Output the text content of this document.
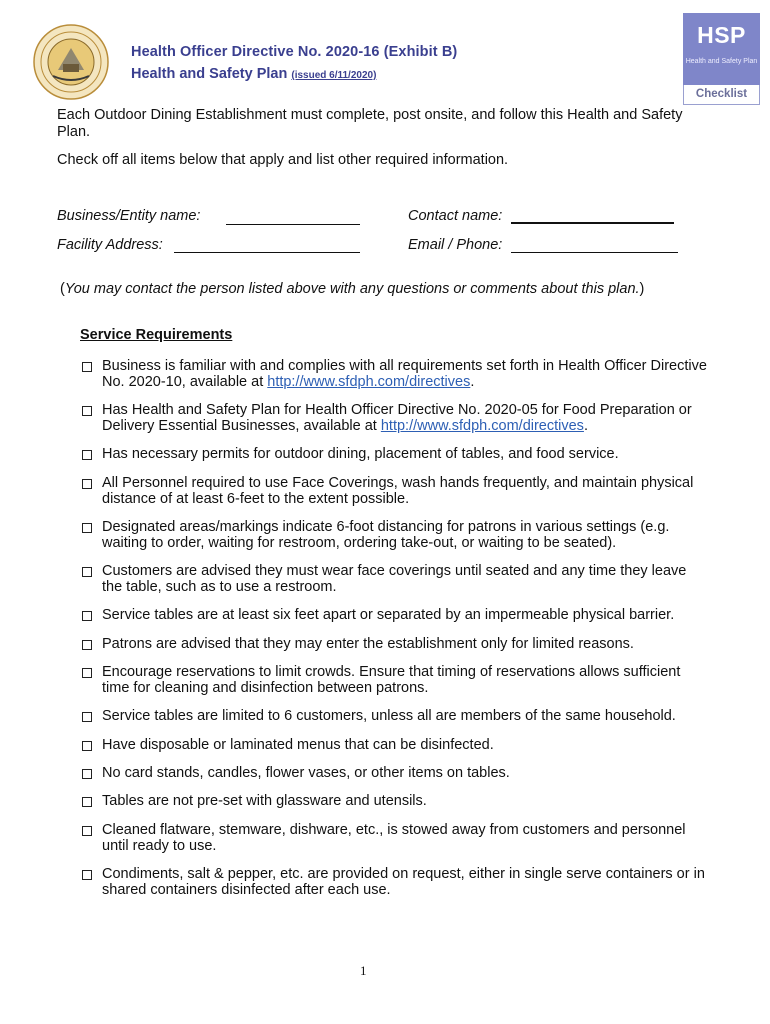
Health Officer Directive No. 2020-16 (Exhibit B)
Health and Safety Plan (issued 6/11/2020)
HSP
Health and Safety Plan
Checklist
Each Outdoor Dining Establishment must complete, post onsite, and follow this Health and Safety Plan.
Check off all items below that apply and list other required information.
Business/Entity name:	Contact name:
Facility Address:	Email / Phone:
(You may contact the person listed above with any questions or comments about this plan.)
Service Requirements
Business is familiar with and complies with all requirements set forth in Health Officer Directive No. 2020-10, available at http://www.sfdph.com/directives.
Has Health and Safety Plan for Health Officer Directive No. 2020-05 for Food Preparation or Delivery Essential Businesses, available at http://www.sfdph.com/directives.
Has necessary permits for outdoor dining, placement of tables, and food service.
All Personnel required to use Face Coverings, wash hands frequently, and maintain physical distance of at least 6-feet to the extent possible.
Designated areas/markings indicate 6-foot distancing for patrons in various settings (e.g. waiting to order, waiting for restroom, ordering take-out, or waiting to be seated).
Customers are advised they must wear face coverings until seated and any time they leave the table, such as to use a restroom.
Service tables are at least six feet apart or separated by an impermeable physical barrier.
Patrons are advised that they may enter the establishment only for limited reasons.
Encourage reservations to limit crowds. Ensure that timing of reservations allows sufficient time for cleaning and disinfection between patrons.
Service tables are limited to 6 customers, unless all are members of the same household.
Have disposable or laminated menus that can be disinfected.
No card stands, candles, flower vases, or other items on tables.
Tables are not pre-set with glassware and utensils.
Cleaned flatware, stemware, dishware, etc., is stowed away from customers and personnel until ready to use.
Condiments, salt & pepper, etc. are provided on request, either in single serve containers or in shared containers disinfected after each use.
1
